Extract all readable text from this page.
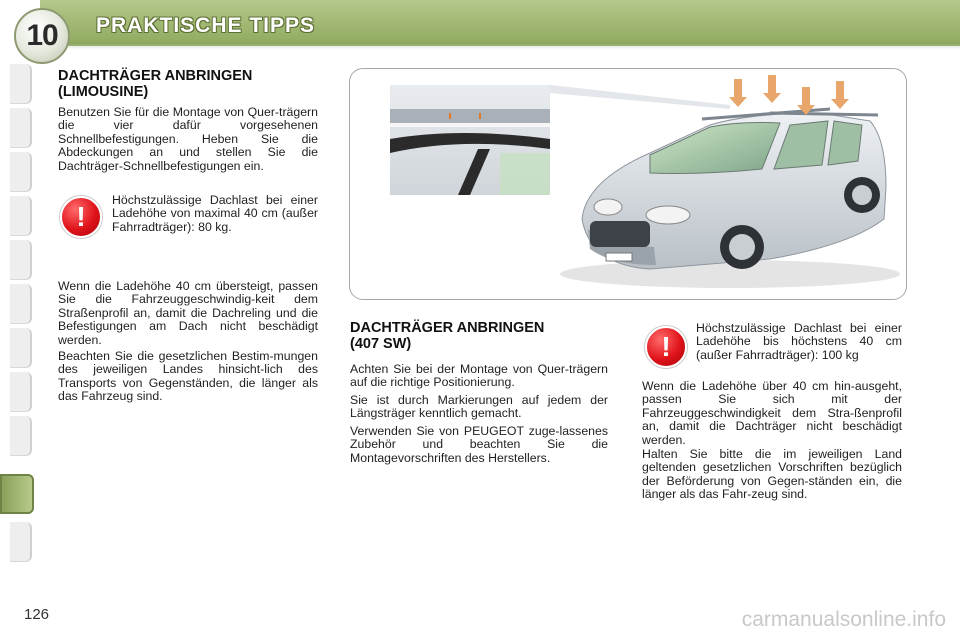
PRAKTISCHE TIPPS
10
DACHTRÄGER ANBRINGEN
(LIMOUSINE)

Benutzen Sie für die Montage von Quer-trägern die vier dafür vorgesehenen Schnellbefestigungen. Heben Sie die Abdeckungen an und stellen Sie die Dachträger-Schnellbefestigungen ein.

!

Höchstzulässige Dachlast bei einer Ladehöhe von maximal 40 cm (außer Fahrradträger): 80 kg.

Wenn die Ladehöhe 40 cm übersteigt, passen Sie die Fahrzeuggeschwindig-keit dem Straßenprofil an, damit die Dachreling und die Befestigungen am Dach nicht beschädigt werden.

Beachten Sie die gesetzlichen Bestim-mungen des jeweiligen Landes hinsicht-lich des Transports von Gegenständen, die länger als das Fahrzeug sind.

DACHTRÄGER ANBRINGEN
(407 SW)

Achten Sie bei der Montage von Quer-trägern auf die richtige Positionierung.

Sie ist durch Markierungen auf jedem der Längsträger kenntlich gemacht.

Verwenden Sie von PEUGEOT zuge-lassenes Zubehör und beachten Sie die Montagevorschriften des Herstellers.

!

Höchstzulässige Dachlast bei einer Ladehöhe bis höchstens 40 cm (außer Fahrradträger): 100 kg

Wenn die Ladehöhe über 40 cm hin-ausgeht, passen Sie sich mit der Fahrzeuggeschwindigkeit dem Stra-ßenprofil an, damit die Dachträger nicht beschädigt werden.

Halten Sie bitte die im jeweiligen Land geltenden gesetzlichen Vorschriften bezüglich der Beförderung von Gegen-ständen ein, die länger als das Fahr-zeug sind.

126	carmanualsonline.info
